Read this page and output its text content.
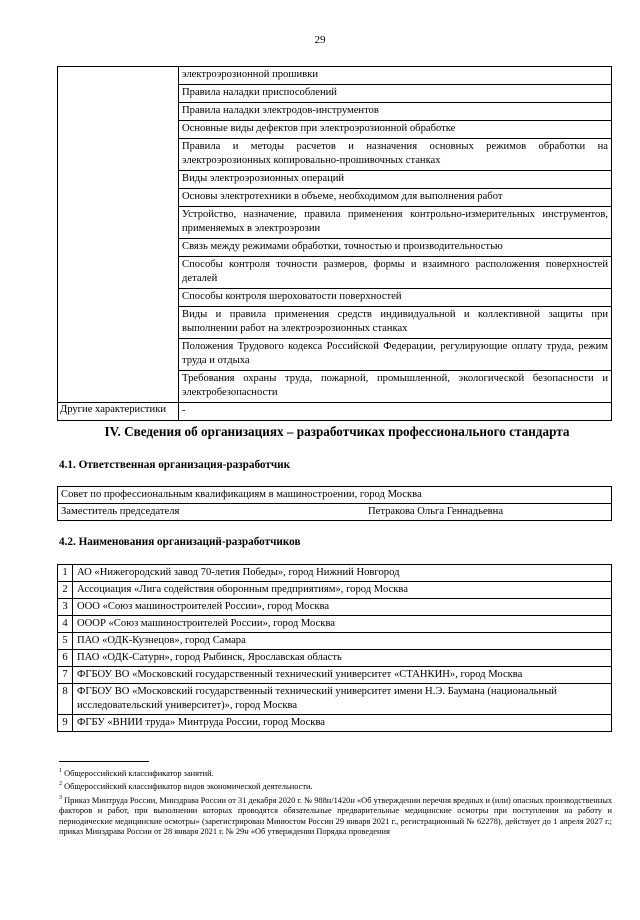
29
	электроэрозионной прошивки
	Правила наладки приспособлений
	Правила наладки электродов-инструментов
	Основные виды дефектов при электроэрозионной обработке
	Правила и методы расчетов и назначения основных режимов обработки на электроэрозионных копировально-прошивочных станках
	Виды электроэрозионных операций
	Основы электротехники в объеме, необходимом для выполнения работ
	Устройство, назначение, правила применения контрольно-измерительных инструментов, применяемых в электроэрозии
	Связь между режимами обработки, точностью и производительностью
	Способы контроля точности размеров, формы и взаимного расположения поверхностей деталей
	Способы контроля шероховатости поверхностей
	Виды и правила применения средств индивидуальной и коллективной защиты при выполнении работ на электроэрозионных станках
	Положения Трудового кодекса Российской Федерации, регулирующие оплату труда, режим труда и отдыха
	Требования охраны труда, пожарной, промышленной, экологической безопасности и электробезопасности
Другие характеристики	-
IV. Сведения об организациях – разработчиках профессионального стандарта
4.1. Ответственная организация-разработчик
Совет по профессиональным квалификациям в машиностроении, город Москва

Заместитель председателя	Петракова Ольга Геннадьевна
4.2. Наименования организаций-разработчиков
1	АО «Нижегородский завод 70-летия Победы», город Нижний Новгород
2	Ассоциация «Лига содействия оборонным предприятиям», город Москва
3	ООО «Союз машиностроителей России», город Москва
4	ОООР «Союз машиностроителей России», город Москва
5	ПАО «ОДК-Кузнецов», город Самара
6	ПАО «ОДК-Сатурн», город Рыбинск, Ярославская область
7	ФГБОУ ВО «Московский государственный технический университет «СТАНКИН», город Москва
8	ФГБОУ ВО «Московский государственный технический университет имени Н.Э. Баумана (национальный исследовательский университет)», город Москва
9	ФГБУ «ВНИИ труда» Минтруда России, город Москва

$^1$ Общероссийский классификатор занятий.

$^2$ Общероссийский классификатор видов экономической деятельности.

$^3$ Приказ Минтруда России, Минздрава России от 31 декабря 2020 г. № 988н/1420н «Об утверждении перечня вредных и (или) опасных производственных факторов и работ, при выполнении которых проводятся обязательные предварительные медицинские осмотры при поступлении на работу и периодические медицинские осмотры» (зарегистрирован Минюстом России 29 января 2021 г., регистрационный № 62278), действует до 1 апреля 2027 г.; приказ Минздрава России от 28 января 2021 г. № 29н «Об утверждении Порядка проведения
